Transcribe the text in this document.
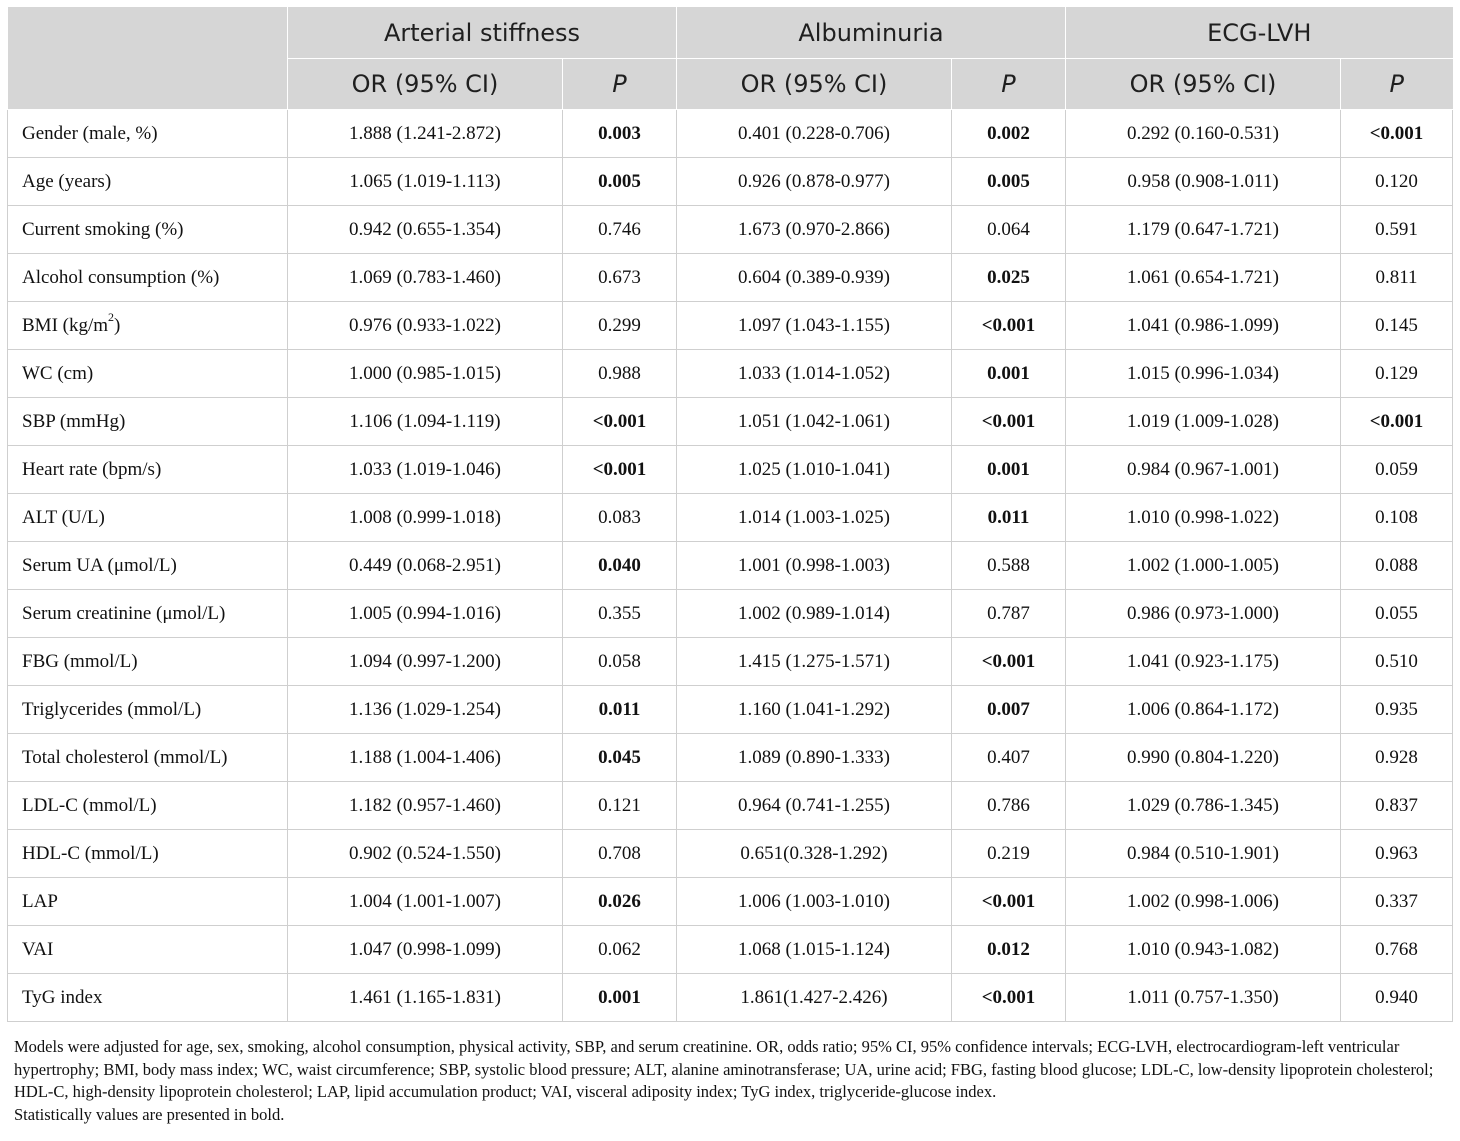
	Arterial stiffness		Albuminuria		ECG-LVH	
	OR (95% CI)	P	OR (95% CI)	P	OR (95% CI)	P
Gender (male, %)	1.888 (1.241-2.872)	0.003	0.401 (0.228-0.706)	0.002	0.292 (0.160-0.531)	<0.001
Age (years)	1.065 (1.019-1.113)	0.005	0.926 (0.878-0.977)	0.005	0.958 (0.908-1.011)	0.120
Current smoking (%)	0.942 (0.655-1.354)	0.746	1.673 (0.970-2.866)	0.064	1.179 (0.647-1.721)	0.591
Alcohol consumption (%)	1.069 (0.783-1.460)	0.673	0.604 (0.389-0.939)	0.025	1.061 (0.654-1.721)	0.811
BMI $(kg/m^2)$	0.976 (0.933-1.022)	0.299	1.097 (1.043-1.155)	<0.001	1.041 (0.986-1.099)	0.145
WC (cm)	1.000 (0.985-1.015)	0.988	1.033 (1.014-1.052)	0.001	1.015 (0.996-1.034)	0.129
SBP (mmHg)	1.106 (1.094-1.119)	<0.001	1.051 (1.042-1.061)	<0.001	1.019 (1.009-1.028)	<0.001
Heart rate (bpm/s)	1.033 (1.019-1.046)	<0.001	1.025 (1.010-1.041)	0.001	0.984 (0.967-1.001)	0.059
ALT (U/L)	1.008 (0.999-1.018)	0.083	1.014 (1.003-1.025)	0.011	1.010 (0.998-1.022)	0.108
Serum UA (μmol/L)	0.449 (0.068-2.951)	0.040	1.001 (0.998-1.003)	0.588	1.002 (1.000-1.005)	0.088
Serum creatinine (μmol/L)	1.005 (0.994-1.016)	0.355	1.002 (0.989-1.014)	0.787	0.986 (0.973-1.000)	0.055
FBG (mmol/L)	1.094 (0.997-1.200)	0.058	1.415 (1.275-1.571)	<0.001	1.041 (0.923-1.175)	0.510
Triglycerides (mmol/L)	1.136 (1.029-1.254)	0.011	1.160 (1.041-1.292)	0.007	1.006 (0.864-1.172)	0.935
Total cholesterol (mmol/L)	1.188 (1.004-1.406)	0.045	1.089 (0.890-1.333)	0.407	0.990 (0.804-1.220)	0.928
LDL-C (mmol/L)	1.182 (0.957-1.460)	0.121	0.964 (0.741-1.255)	0.786	1.029 (0.786-1.345)	0.837
HDL-C (mmol/L)	0.902 (0.524-1.550)	0.708	0.651(0.328-1.292)	0.219	0.984 (0.510-1.901)	0.963
LAP	1.004 (1.001-1.007)	0.026	1.006 (1.003-1.010)	<0.001	1.002 (0.998-1.006)	0.337
VAI	1.047 (0.998-1.099)	0.062	1.068 (1.015-1.124)	0.012	1.010 (0.943-1.082)	0.768
TyG index	1.461 (1.165-1.831)	0.001	1.861(1.427-2.426)	<0.001	1.011 (0.757-1.350)	0.940

Models were adjusted for age, sex, smoking, alcohol consumption, physical activity, SBP, and serum creatinine. OR, odds ratio; 95% CI, 95% confidence intervals; ECG-LVH, electrocardiogram-left ventricular hypertrophy; BMI, body mass index; WC, waist circumference; SBP, systolic blood pressure; ALT, alanine aminotransferase; UA, urine acid; FBG, fasting blood glucose; LDL-C, low-density lipoprotein cholesterol; HDL-C, high-density lipoprotein cholesterol; LAP, lipid accumulation product; VAI, visceral adiposity index; TyG index, triglyceride-glucose index.

Statistically values are presented in bold.
